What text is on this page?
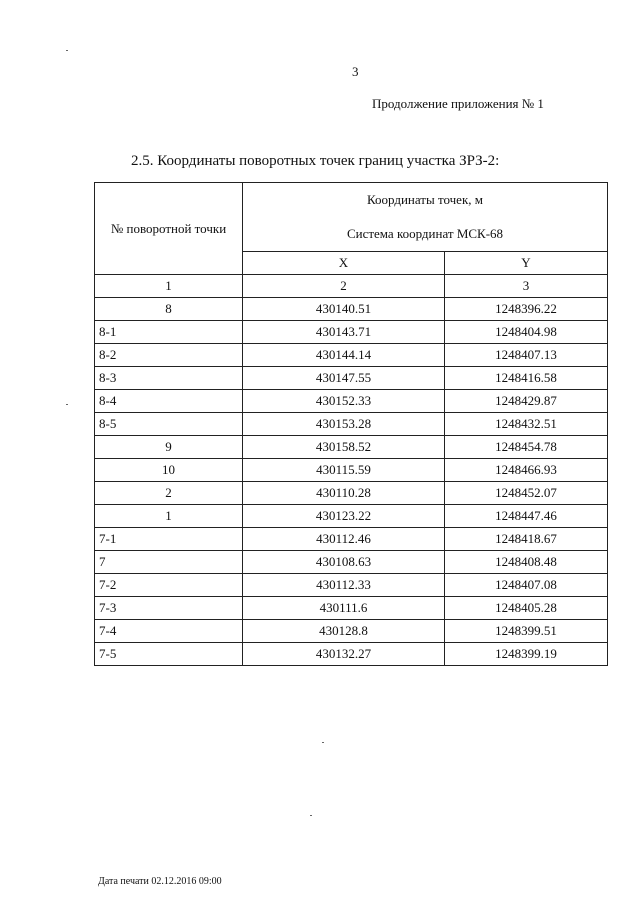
3
Продолжение приложения № 1
2.5. Координаты поворотных точек границ участка ЗРЗ-2:
№ поворотной точки	Координаты точек, м
Система координат МСК-68	

	X	Y
1	2	3
8	430140.51	1248396.22
8-1	430143.71	1248404.98
8-2	430144.14	1248407.13
8-3	430147.55	1248416.58
8-4	430152.33	1248429.87
8-5	430153.28	1248432.51
9	430158.52	1248454.78
10	430115.59	1248466.93
2	430110.28	1248452.07
1	430123.22	1248447.46
7-1	430112.46	1248418.67
7	430108.63	1248408.48
7-2	430112.33	1248407.08
7-3	430111.6	1248405.28
7-4	430128.8	1248399.51
7-5	430132.27	1248399.19
Дата печати 02.12.2016 09:00
